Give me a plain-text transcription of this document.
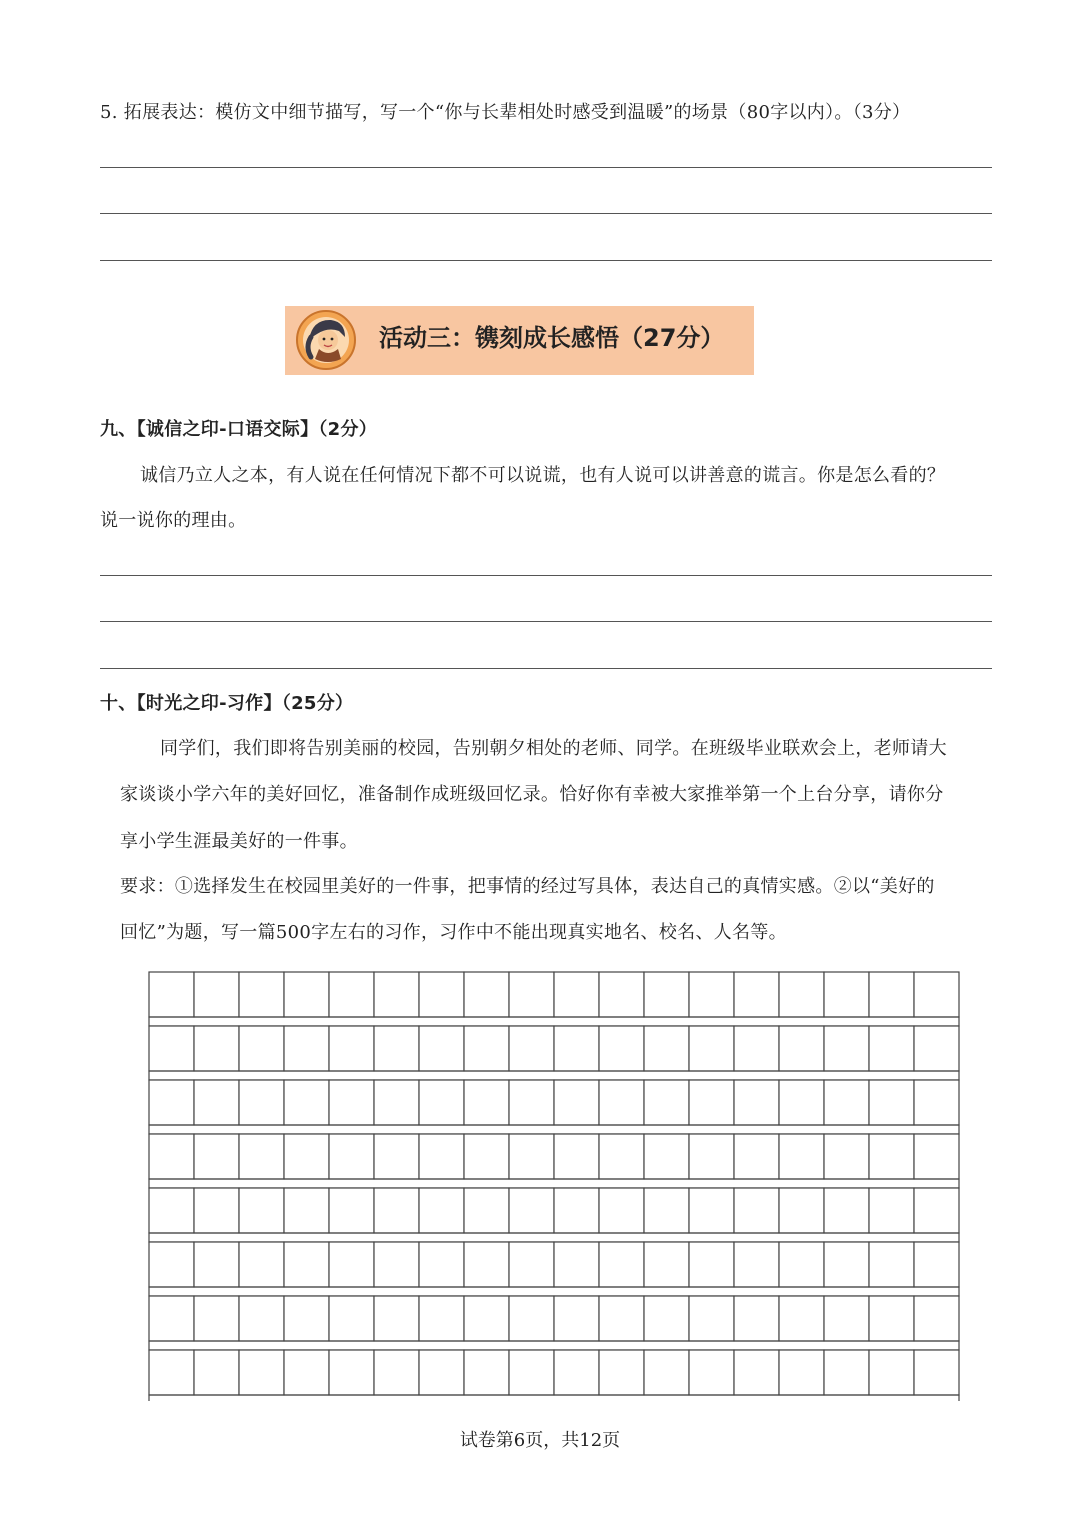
5. 拓展表达：模仿文中细节描写，写一个“你与长辈相处时感受到温暖”的场景（80字以内）。（3分）
活动三：镌刻成长感悟（27分）
九、【诚信之印-口语交际】（2分）
诚信乃立人之本，有人说在任何情况下都不可以说谎，也有人说可以讲善意的谎言。你是怎么看的？
说一说你的理由。
十、【时光之印-习作】（25分）
同学们，我们即将告别美丽的校园，告别朝夕相处的老师、同学。在班级毕业联欢会上，老师请大
家谈谈小学六年的美好回忆，准备制作成班级回忆录。恰好你有幸被大家推举第一个上台分享，请你分
享小学生涯最美好的一件事。
要求：①选择发生在校园里美好的一件事，把事情的经过写具体，表达自己的真情实感。②以“美好的
回忆”为题，写一篇500字左右的习作，习作中不能出现真实地名、校名、人名等。
试卷第6页，共12页
